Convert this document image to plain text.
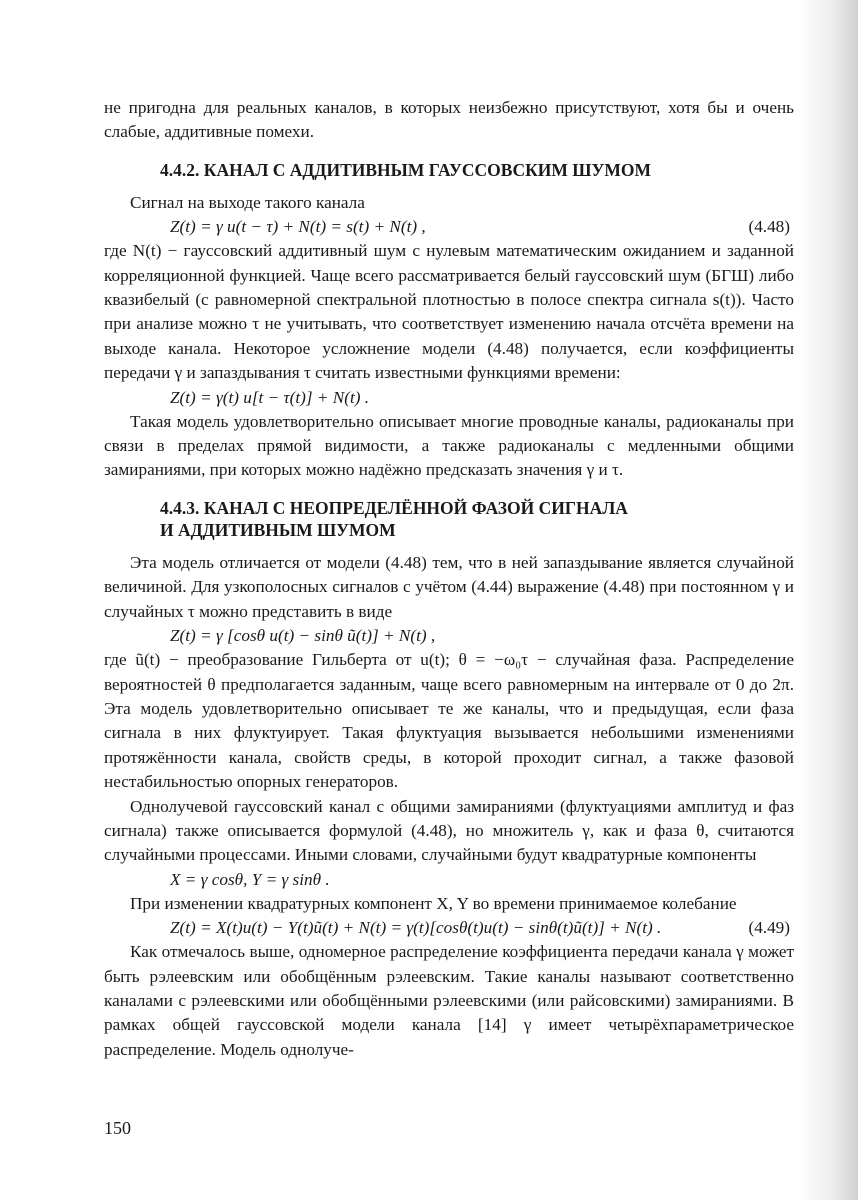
не пригодна для реальных каналов, в которых неизбежно присутствуют, хотя бы и очень слабые, аддитивные помехи.

4.4.2. КАНАЛ С АДДИТИВНЫМ ГАУССОВСКИМ ШУМОМ

Сигнал на выходе такого канала

Z(t) = γ u(t − τ) + N(t) = s(t) + N(t) ,	(4.48)

где N(t) − гауссовский аддитивный шум с нулевым математическим ожиданием и заданной корреляционной функцией. Чаще всего рассматривается белый гауссовский шум (БГШ) либо квазибелый (с равномерной спектральной плотностью в полосе спектра сигнала s(t)). Часто при анализе можно τ не учитывать, что соответствует изменению начала отсчёта времени на выходе канала. Некоторое усложнение модели (4.48) получается, если коэффициенты передачи γ и запаздывания τ считать известными функциями времени:

Z(t) = γ(t) u[t − τ(t)] + N(t) .

Такая модель удовлетворительно описывает многие проводные каналы, радиоканалы при связи в пределах прямой видимости, а также радиоканалы с медленными общими замираниями, при которых можно надёжно предсказать значения γ и τ.

4.4.3. КАНАЛ С НЕОПРЕДЕЛЁННОЙ ФАЗОЙ СИГНАЛА
И АДДИТИВНЫМ ШУМОМ

Эта модель отличается от модели (4.48) тем, что в ней запаздывание является случайной величиной. Для узкополосных сигналов с учётом (4.44) выражение (4.48) при постоянном γ и случайных τ можно представить в виде

Z(t) = γ [cosθ u(t) − sinθ ũ(t)] + N(t) ,

где ũ(t) − преобразование Гильберта от u(t); θ = −ω₀τ − случайная фаза. Распределение вероятностей θ предполагается заданным, чаще всего равномерным на интервале от 0 до 2π. Эта модель удовлетворительно описывает те же каналы, что и предыдущая, если фаза сигнала в них флуктуирует. Такая флуктуация вызывается небольшими изменениями протяжённости канала, свойств среды, в которой проходит сигнал, а также фазовой нестабильностью опорных генераторов.

Однолучевой гауссовский канал с общими замираниями (флуктуациями амплитуд и фаз сигнала) также описывается формулой (4.48), но множитель γ, как и фаза θ, считаются случайными процессами. Иными словами, случайными будут квадратурные компоненты

X = γ cosθ, Y = γ sinθ .

При изменении квадратурных компонент X, Y во времени принимаемое колебание

Z(t) = X(t)u(t) − Y(t)ũ(t) + N(t) = γ(t)[cosθ(t)u(t) − sinθ(t)ũ(t)] + N(t) .	(4.49)

Как отмечалось выше, одномерное распределение коэффициента передачи канала γ может быть рэлеевским или обобщённым рэлеевским. Такие каналы называют соответственно каналами с рэлеевскими или обобщёнными рэлеевскими (или райсовскими) замираниями. В рамках общей гауссовской модели канала [14] γ имеет четырёхпараметрическое распределение. Модель однолуче-

150
